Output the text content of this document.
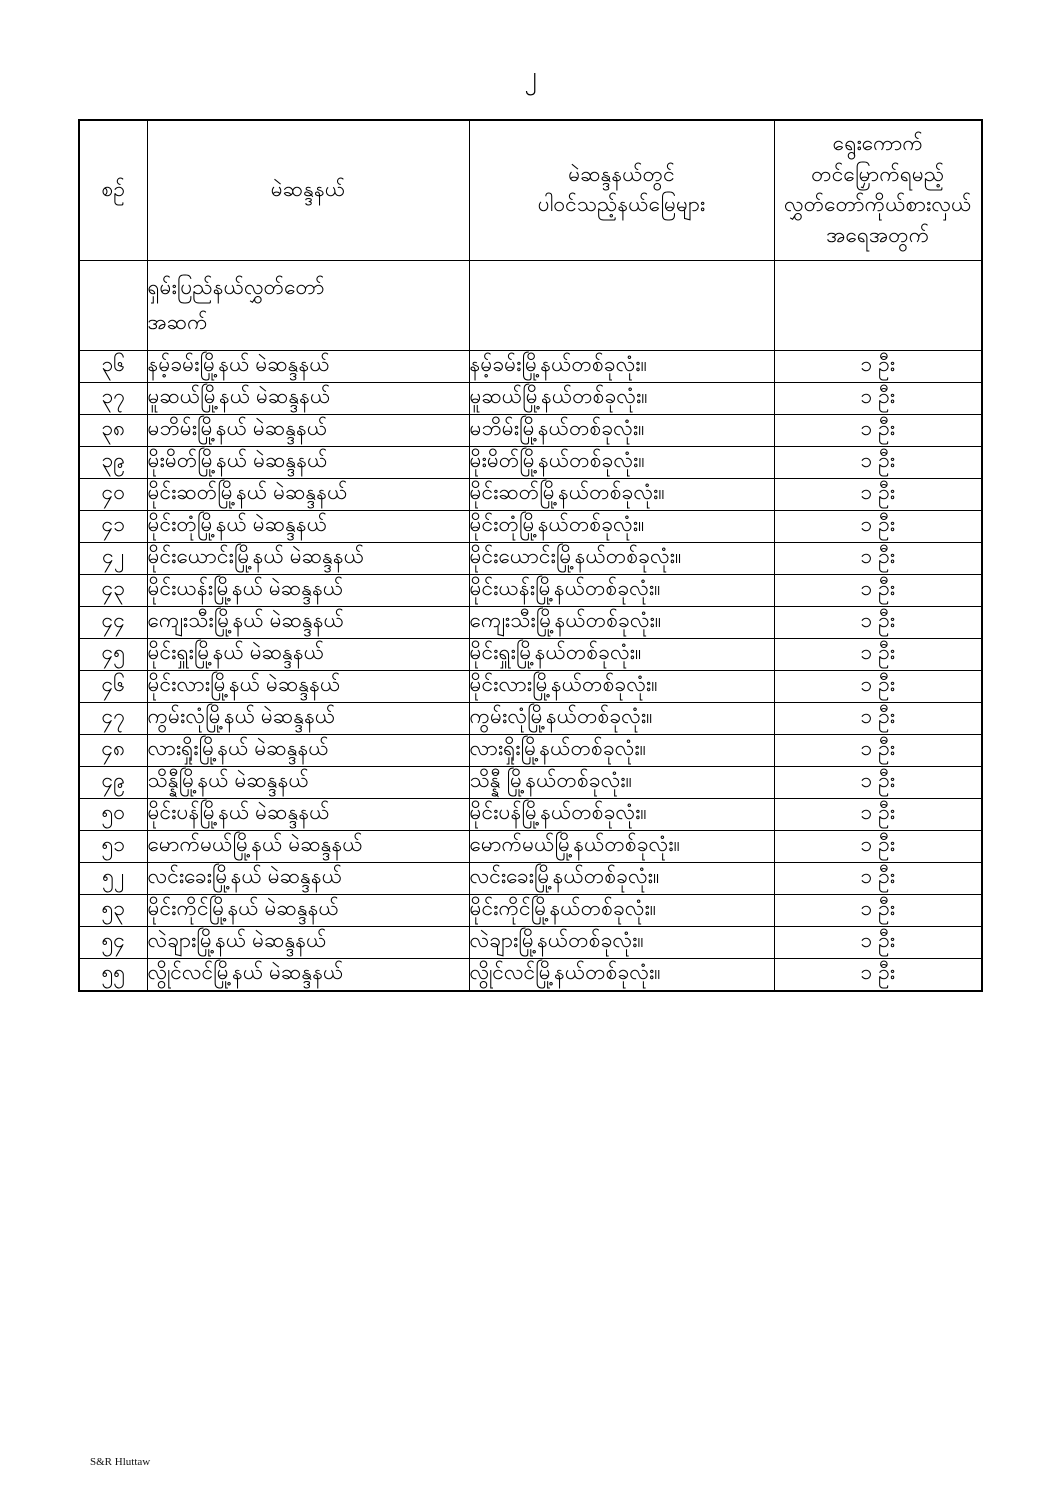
၂
စဉ်	မဲဆန္ဒနယ်	မဲဆန္ဒနယ်တွင်
ပါဝင်သည့်နယ်မြေများ	ရွေးကောက်
တင်မြှောက်ရမည့်
လွှတ်တော်ကိုယ်စားလှယ်
အရေအတွက်

	ရှမ်းပြည်နယ်လွှတ်တော်
အဆက်		

၃၆	နမ့်ခမ်းမြို့နယ် မဲဆန္ဒနယ်	နမ့်ခမ်းမြို့နယ်တစ်ခုလုံး။	၁ ဦး
၃၇	မူဆယ်မြို့နယ် မဲဆန္ဒနယ်	မူဆယ်မြို့နယ်တစ်ခုလုံး။	၁ ဦး
၃၈	မဘိမ်းမြို့နယ် မဲဆန္ဒနယ်	မဘိမ်းမြို့နယ်တစ်ခုလုံး။	၁ ဦး
၃၉	မိုးမိတ်မြို့နယ် မဲဆန္ဒနယ်	မိုးမိတ်မြို့နယ်တစ်ခုလုံး။	၁ ဦး
၄၀	မိုင်းဆတ်မြို့နယ် မဲဆန္ဒနယ်	မိုင်းဆတ်မြို့နယ်တစ်ခုလုံး။	၁ ဦး
၄၁	မိုင်းတုံမြို့နယ် မဲဆန္ဒနယ်	မိုင်းတုံမြို့နယ်တစ်ခုလုံး။	၁ ဦး
၄၂	မိုင်းယောင်းမြို့နယ် မဲဆန္ဒနယ်	မိုင်းယောင်းမြို့နယ်တစ်ခုလုံး။	၁ ဦး
၄၃	မိုင်းယန်းမြို့နယ် မဲဆန္ဒနယ်	မိုင်းယန်းမြို့နယ်တစ်ခုလုံး။	၁ ဦး
၄၄	ကျေးသီးမြို့နယ် မဲဆန္ဒနယ်	ကျေးသီးမြို့နယ်တစ်ခုလုံး။	၁ ဦး
၄၅	မိုင်းရှူးမြို့နယ် မဲဆန္ဒနယ်	မိုင်းရှူးမြို့နယ်တစ်ခုလုံး။	၁ ဦး
၄၆	မိုင်းလားမြို့နယ် မဲဆန္ဒနယ်	မိုင်းလားမြို့နယ်တစ်ခုလုံး။	၁ ဦး
၄၇	ကွမ်းလုံမြို့နယ် မဲဆန္ဒနယ်	ကွမ်းလုံမြို့နယ်တစ်ခုလုံး။	၁ ဦး
၄၈	လားရှိုးမြို့နယ် မဲဆန္ဒနယ်	လားရှိုးမြို့နယ်တစ်ခုလုံး။	၁ ဦး
၄၉	သိန္နီမြို့နယ် မဲဆန္ဒနယ်	သိန္နီ မြို့နယ်တစ်ခုလုံး။	၁ ဦး
၅၀	မိုင်းပန်မြို့နယ် မဲဆန္ဒနယ်	မိုင်းပန်မြို့နယ်တစ်ခုလုံး။	၁ ဦး
၅၁	မောက်မယ်မြို့နယ် မဲဆန္ဒနယ်	မောက်မယ်မြို့နယ်တစ်ခုလုံး။	၁ ဦး
၅၂	လင်းခေးမြို့နယ် မဲဆန္ဒနယ်	လင်းခေးမြို့နယ်တစ်ခုလုံး။	၁ ဦး
၅၃	မိုင်းကိုင်မြို့နယ် မဲဆန္ဒနယ်	မိုင်းကိုင်မြို့နယ်တစ်ခုလုံး။	၁ ဦး
၅၄	လဲချားမြို့နယ် မဲဆန္ဒနယ်	လဲချားမြို့နယ်တစ်ခုလုံး။	၁ ဦး
၅၅	လွိုင်လင်မြို့နယ် မဲဆန္ဒနယ်	လွိုင်လင်မြို့နယ်တစ်ခုလုံး။	၁ ဦး
S&R Hluttaw
